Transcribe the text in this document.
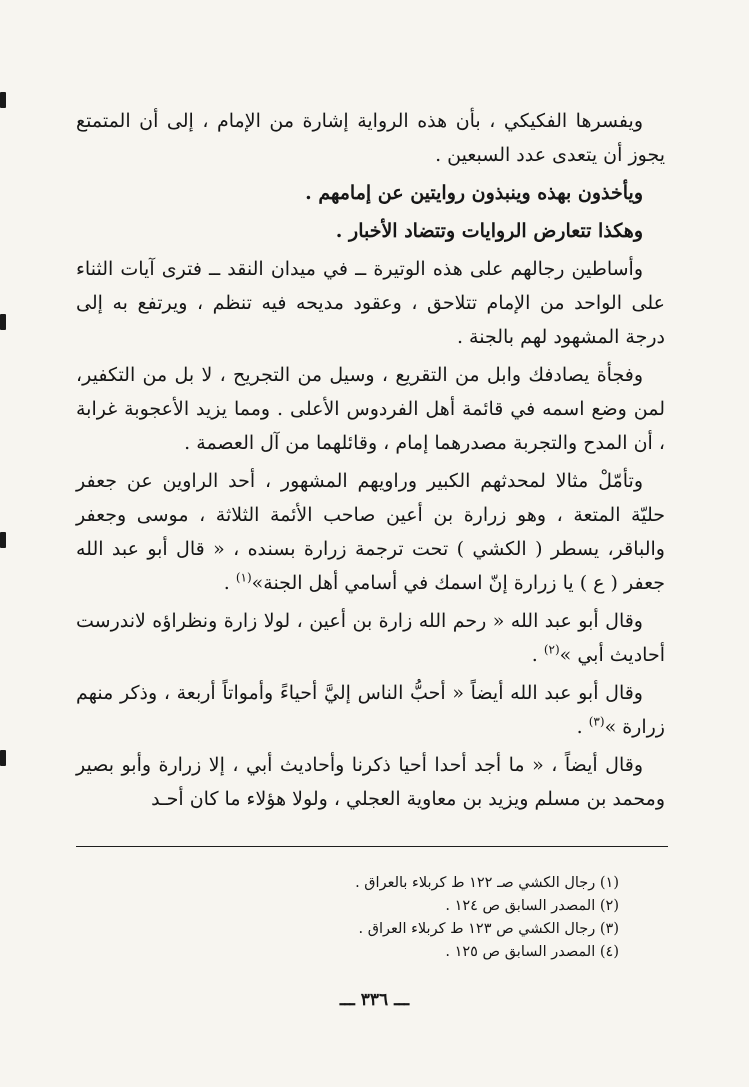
ويفسرها الفكيكي ، بأن هذه الرواية إشارة من الإمام ، إلى أن المتمتع يجوز أن يتعدى عدد السبعين .

ويأخذون بهذه وينبذون روايتين عن إمامهم .

وهكذا تتعارض الروايات وتتضاد الأخبار .

وأساطين رجالهم على هذه الوتيرة ــ في ميدان النقد ــ فترى آيات الثناء على الواحد من الإمام تتلاحق ، وعقود مديحه فيه تنظم ، ويرتفع به إلى درجة المشهود لهم بالجنة .

وفجأة يصادفك وابل من التقريع ، وسيل من التجريح ، لا بل من التكفير، لمن وضع اسمه في قائمة أهل الفردوس الأعلى . ومما يزيد الأعجوبة غرابة ، أن المدح والتجربة مصدرهما إمام ، وقائلهما من آل العصمة .

وتأمّلْ مثالا لمحدثهم الكبير وراويهم المشهور ، أحد الراوين عن جعفر حليّة المتعة ، وهو زرارة بن أعين صاحب الأئمة الثلاثة ، موسى وجعفر والباقر، يسطر ( الكشي ) تحت ترجمة زرارة بسنده ، « قال أبو عبد الله جعفر ( ع ) يا زرارة إنّ اسمك في أسامي أهل الجنة»$^{(١)}$ .

وقال أبو عبد الله « رحم الله زارة بن أعين ، لولا زارة ونظراؤه لاندرست أحاديث أبي »$^{(٢)}$ .

وقال أبو عبد الله أيضاً « أحبُّ الناس إليَّ أحياءً وأمواتاً أربعة ، وذكر منهم زرارة »$^{(٣)}$ .

وقال أيضاً ، « ما أجد أحدا أحيا ذكرنا وأحاديث أبي ، إلا زرارة وأبو بصير ومحمد بن مسلم ويزيد بن معاوية العجلي ، ولولا هؤلاء ما كان أحـد

(١) رجال الكشي صـ ١٢٢ ط كربلاء بالعراق .
(٢) المصدر السابق ص ١٢٤ .
(٣) رجال الكشي ص ١٢٣ ط كربلاء العراق .
(٤) المصدر السابق ص ١٢٥ .
ـــ ٣٣٦ ـــ
